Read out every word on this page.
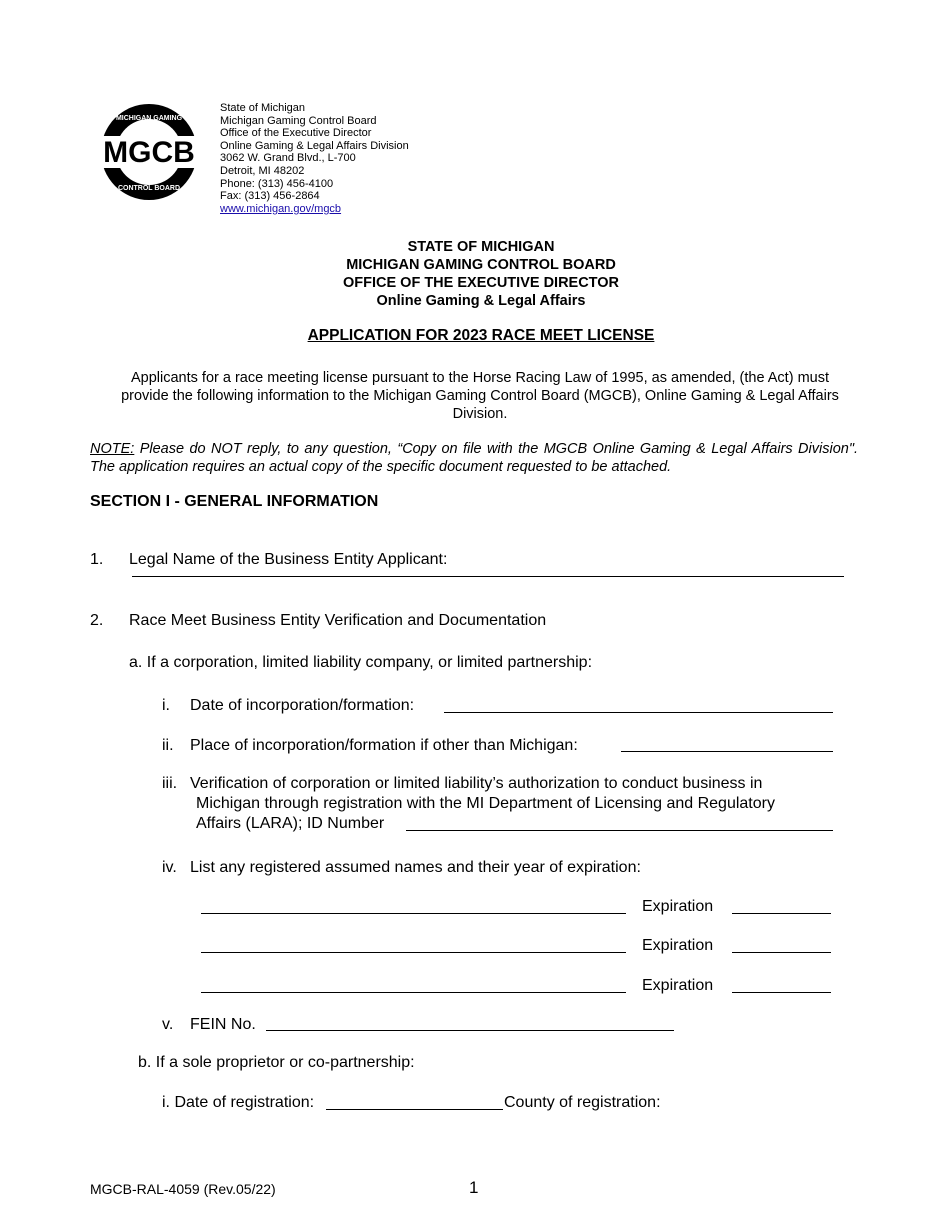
MGCB
MICHIGAN GAMING
CONTROL BOARD
State of Michigan
Michigan Gaming Control Board
Office of the Executive Director
Online Gaming & Legal Affairs Division
3062 W. Grand Blvd., L-700
Detroit, MI 48202
Phone: (313) 456-4100
Fax: (313) 456-2864
www.michigan.gov/mgcb
STATE OF MICHIGAN
MICHIGAN GAMING CONTROL BOARD
OFFICE OF THE EXECUTIVE DIRECTOR
Online Gaming & Legal Affairs
APPLICATION FOR 2023 RACE MEET LICENSE
Applicants for a race meeting license pursuant to the Horse Racing Law of 1995, as amended, (the Act) must provide the following information to the Michigan Gaming Control Board (MGCB), Online Gaming & Legal Affairs Division.
NOTE: Please do NOT reply, to any question, “Copy on file with the MGCB Online Gaming & Legal Affairs Division". The application requires an actual copy of the specific document requested to be attached.
SECTION I - GENERAL INFORMATION
1. Legal Name of the Business Entity Applicant:
2. Race Meet Business Entity Verification and Documentation
a. If a corporation, limited liability company, or limited partnership:
i. Date of incorporation/formation:
ii. Place of incorporation/formation if other than Michigan:
iii. Verification of corporation or limited liability’s authorization to conduct business in
Michigan through registration with the MI Department of Licensing and Regulatory
Affairs (LARA); ID Number
iv. List any registered assumed names and their year of expiration:
Expiration
Expiration
Expiration
v. FEIN No.
b. If a sole proprietor or co-partnership:
i. Date of registration:	County of registration:
MGCB-RAL-4059 (Rev.05/22)	1
